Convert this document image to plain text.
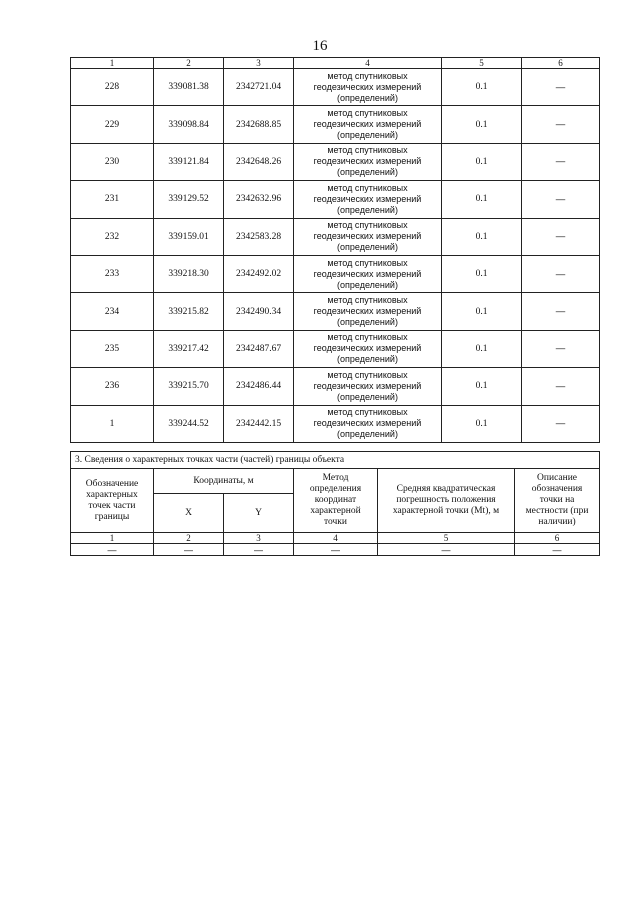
16
1	2	3	4	5	6
228	339081.38	2342721.04	метод спутниковых
геодезических измерений
(определений)	0.1	—
229	339098.84	2342688.85	метод спутниковых
геодезических измерений
(определений)	0.1	—
230	339121.84	2342648.26	метод спутниковых
геодезических измерений
(определений)	0.1	—
231	339129.52	2342632.96	метод спутниковых
геодезических измерений
(определений)	0.1	—
232	339159.01	2342583.28	метод спутниковых
геодезических измерений
(определений)	0.1	—
233	339218.30	2342492.02	метод спутниковых
геодезических измерений
(определений)	0.1	—
234	339215.82	2342490.34	метод спутниковых
геодезических измерений
(определений)	0.1	—
235	339217.42	2342487.67	метод спутниковых
геодезических измерений
(определений)	0.1	—
236	339215.70	2342486.44	метод спутниковых
геодезических измерений
(определений)	0.1	—
1	339244.52	2342442.15	метод спутниковых
геодезических измерений
(определений)	0.1	—
3. Сведения о характерных точках части (частей) границы объекта					
Обозначение
характерных
точек части
границы	Координаты, м		Метод
определения
координат
характерной
точки	Средняя квадратическая
погрешность положения
характерной точки (Mt), м	Описание
обозначения
точки на
местности (при
наличии)
	X	Y			
1	2	3	4	5	6
—	—	—	—	—	—
